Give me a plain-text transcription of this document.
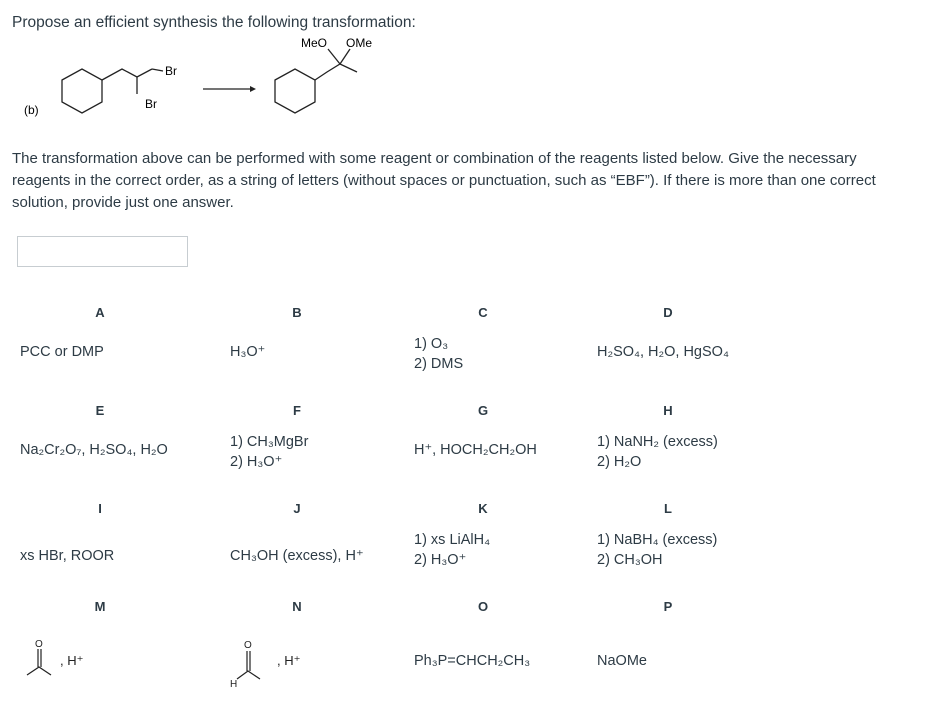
Propose an efficient synthesis the following transformation:
(b)
Br
Br
MeO OMe
The transformation above can be performed with some reagent or combination of the reagents listed below. Give the necessary reagents in the correct order, as a string of letters (without spaces or punctuation, such as “EBF”). If there is more than one correct solution, provide just one answer.
A
PCC or DMP
B
H₃O⁺
C
1) O₃
2) DMS
D
H₂SO₄, H₂O, HgSO₄
E
Na₂Cr₂O₇, H₂SO₄, H₂O
F
1) CH₃MgBr
2) H₃O⁺
G
H⁺, HOCH₂CH₂OH
H
1) NaNH₂ (excess)
2) H₂O
I
xs HBr, ROOR
J
CH₃OH (excess), H⁺
K
1) xs LiAlH₄
2) H₃O⁺
L
1) NaBH₄ (excess)
2) CH₃OH
M	N	O
Ph₃P=CHCH₂CH₃
P
NaOMe
O
, H⁺
O
H
, H⁺
